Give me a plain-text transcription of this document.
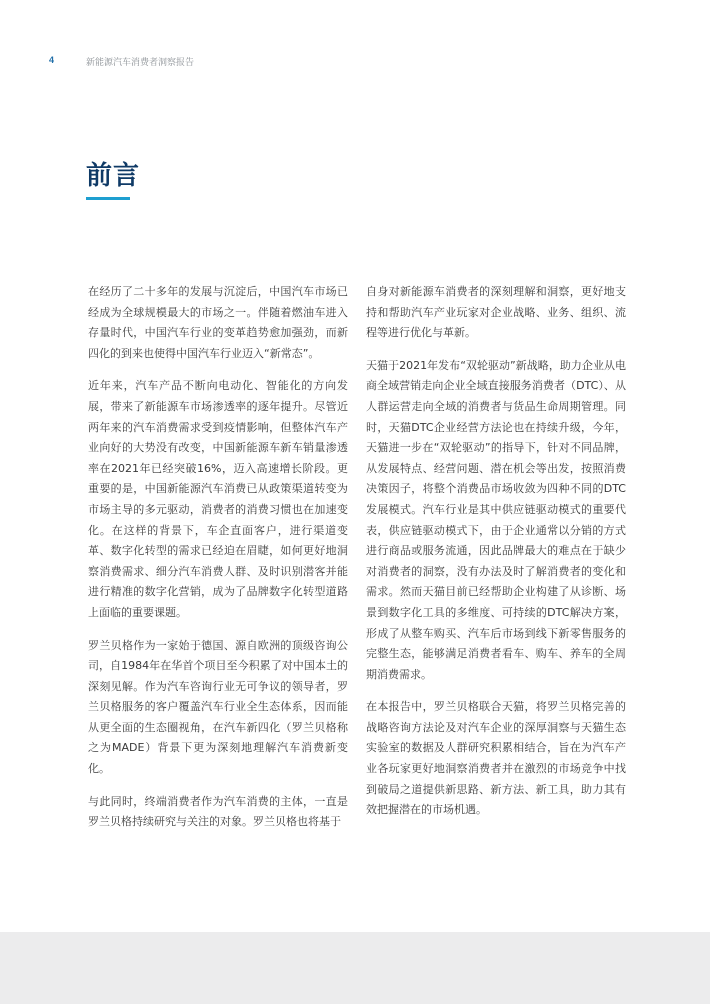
4	新能源汽车消费者洞察报告
前言

在经历了二十多年的发展与沉淀后，中国汽车市场已经成为全球规模最大的市场之一。伴随着燃油车进入存量时代，中国汽车行业的变革趋势愈加强劲，而新四化的到来也使得中国汽车行业迈入“新常态”。

近年来，汽车产品不断向电动化、智能化的方向发展，带来了新能源车市场渗透率的逐年提升。尽管近两年来的汽车消费需求受到疫情影响，但整体汽车产业向好的大势没有改变，中国新能源车新车销量渗透率在2021年已经突破16%，迈入高速增长阶段。更重要的是，中国新能源汽车消费已从政策渠道转变为市场主导的多元驱动，消费者的消费习惯也在加速变化。在这样的背景下，车企直面客户，进行渠道变革、数字化转型的需求已经迫在眉睫，如何更好地洞察消费需求、细分汽车消费人群、及时识别潜客并能进行精准的数字化营销，成为了品牌数字化转型道路上面临的重要课题。

罗兰贝格作为一家始于德国、源自欧洲的顶级咨询公司，自1984年在华首个项目至今积累了对中国本土的深刻见解。作为汽车咨询行业无可争议的领导者，罗兰贝格服务的客户覆盖汽车行业全生态体系，因而能从更全面的生态圈视角，在汽车新四化（罗兰贝格称之为MADE）背景下更为深刻地理解汽车消费新变化。

与此同时，终端消费者作为汽车消费的主体，一直是罗兰贝格持续研究与关注的对象。罗兰贝格也将基于

自身对新能源车消费者的深刻理解和洞察，更好地支持和帮助汽车产业玩家对企业战略、业务、组织、流程等进行优化与革新。

天猫于2021年发布“双轮驱动”新战略，助力企业从电商全域营销走向企业全域直接服务消费者（DTC）、从人群运营走向全域的消费者与货品生命周期管理。同时，天猫DTC企业经营方法论也在持续升级，今年，天猫进一步在“双轮驱动”的指导下，针对不同品牌，从发展特点、经营问题、潜在机会等出发，按照消费决策因子，将整个消费品市场收敛为四种不同的DTC发展模式。汽车行业是其中供应链驱动模式的重要代表，供应链驱动模式下，由于企业通常以分销的方式进行商品或服务流通，因此品牌最大的难点在于缺少对消费者的洞察，没有办法及时了解消费者的变化和需求。然而天猫目前已经帮助企业构建了从诊断、场景到数字化工具的多维度、可持续的DTC解决方案，形成了从整车购买、汽车后市场到线下新零售服务的完整生态，能够满足消费者看车、购车、养车的全周期消费需求。

在本报告中，罗兰贝格联合天猫，将罗兰贝格完善的战略咨询方法论及对汽车企业的深厚洞察与天猫生态实验室的数据及人群研究积累相结合，旨在为汽车产业各玩家更好地洞察消费者并在激烈的市场竞争中找到破局之道提供新思路、新方法、新工具，助力其有效把握潜在的市场机遇。
